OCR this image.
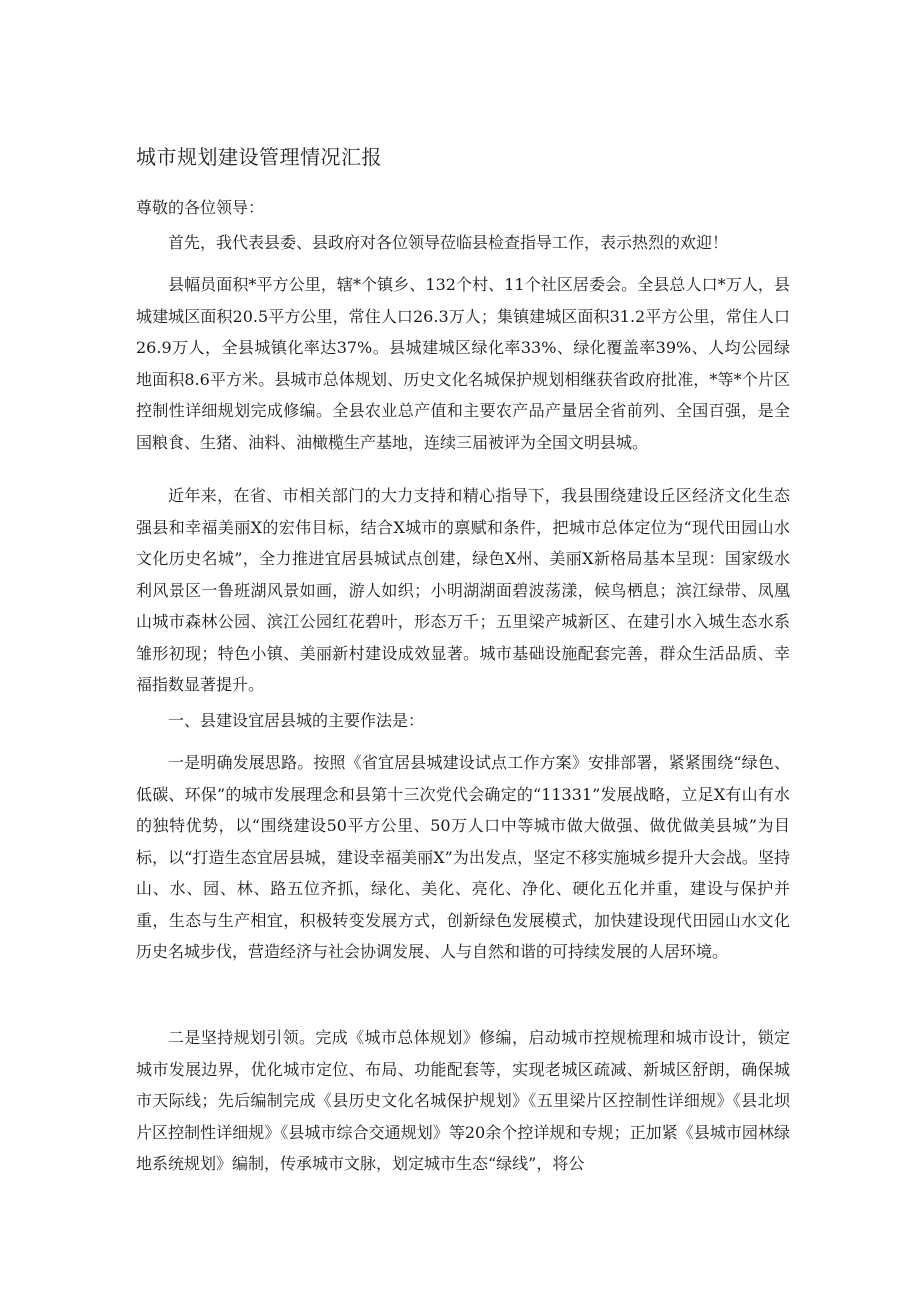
城市规划建设管理情况汇报

尊敬的各位领导：

首先，我代表县委、县政府对各位领导莅临县检查指导工作，表示热烈的欢迎！

县幅员面积*平方公里，辖*个镇乡、132个村、11个社区居委会。全县总人口*万人，县城建城区面积20.5平方公里，常住人口26.3万人；集镇建城区面积31.2平方公里，常住人口26.9万人，全县城镇化率达37%。县城建城区绿化率33%、绿化覆盖率39%、人均公园绿地面积8.6平方米。县城市总体规划、历史文化名城保护规划相继获省政府批准，*等*个片区控制性详细规划完成修编。全县农业总产值和主要农产品产量居全省前列、全国百强，是全国粮食、生猪、油料、油橄榄生产基地，连续三届被评为全国文明县城。

近年来，在省、市相关部门的大力支持和精心指导下，我县围绕建设丘区经济文化生态强县和幸福美丽X的宏伟目标，结合X城市的禀赋和条件，把城市总体定位为“现代田园山水文化历史名城”，全力推进宜居县城试点创建，绿色X州、美丽X新格局基本呈现：国家级水利风景区一鲁班湖风景如画，游人如织；小明湖湖面碧波荡漾，候鸟栖息；滨江绿带、凤凰山城市森林公园、滨江公园红花碧叶，形态万千；五里梁产城新区、在建引水入城生态水系雏形初现；特色小镇、美丽新村建设成效显著。城市基础设施配套完善，群众生活品质、幸福指数显著提升。

一、县建设宜居县城的主要作法是：

一是明确发展思路。按照《省宜居县城建设试点工作方案》安排部署，紧紧围绕“绿色、低碳、环保”的城市发展理念和县第十三次党代会确定的“11331”发展战略，立足X有山有水的独特优势，以“围绕建设50平方公里、50万人口中等城市做大做强、做优做美县城”为目标，以“打造生态宜居县城，建设幸福美丽X”为出发点，坚定不移实施城乡提升大会战。坚持山、水、园、林、路五位齐抓，绿化、美化、亮化、净化、硬化五化并重，建设与保护并重，生态与生产相宜，积极转变发展方式，创新绿色发展模式，加快建设现代田园山水文化历史名城步伐，营造经济与社会协调发展、人与自然和谐的可持续发展的人居环境。

二是坚持规划引领。完成《城市总体规划》修编，启动城市控规梳理和城市设计，锁定城市发展边界，优化城市定位、布局、功能配套等，实现老城区疏减、新城区舒朗，确保城市天际线；先后编制完成《县历史文化名城保护规划》《五里梁片区控制性详细规》《县北坝片区控制性详细规》《县城市综合交通规划》等20余个控详规和专规；正加紧《县城市园林绿地系统规划》编制，传承城市文脉，划定城市生态“绿线”，将公
